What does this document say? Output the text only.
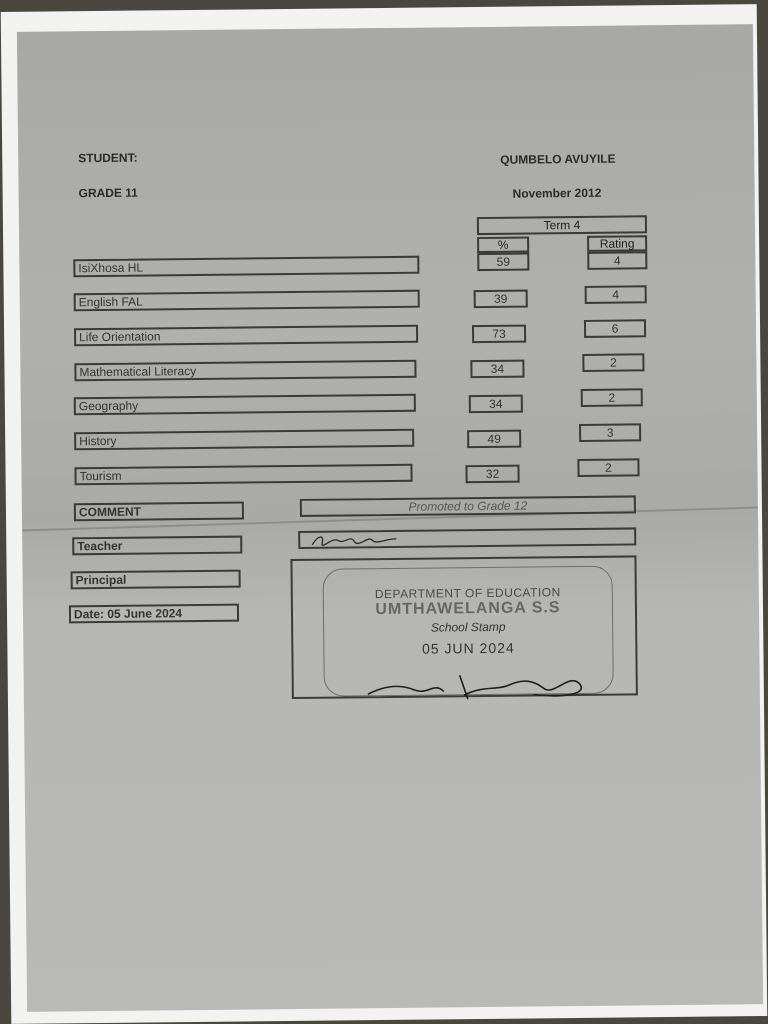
STUDENT:	QUMBELO AVUYILE
GRADE 11	November 2012
Term 4
%	Rating
IsiXhosa HL	59	4
English FAL	39	4
Life Orientation	73	6
Mathematical Literacy	34	2
Geography	34	2
History	49	3
Tourism	32	2
COMMENT	Promoted to Grade 12
Teacher
Principal
Date: 05 June 2024
DEPARTMENT OF EDUCATION
UMTHAWELANGA S.S
School Stamp
05 JUN 2024
